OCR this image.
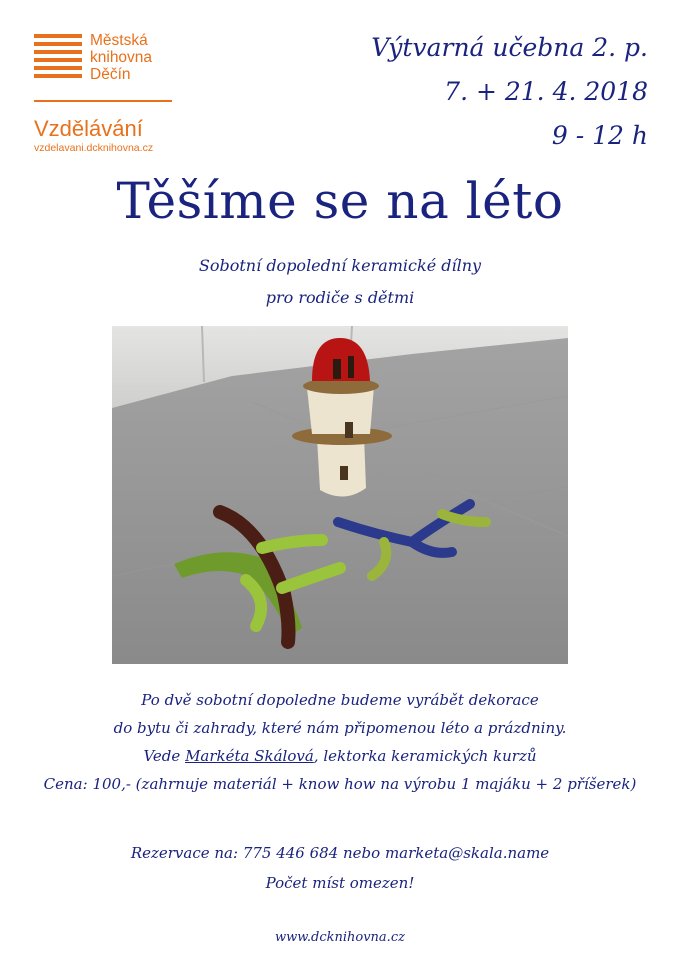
Městská
knihovna
Děčín
Vzdělávání
vzdelavani.dcknihovna.cz
Výtvarná učebna 2. p.
7. + 21. 4. 2018
9 - 12 h
Těšíme se na léto
Sobotní dopolední keramické dílny
pro rodiče s dětmi
Po dvě sobotní dopoledne budeme vyrábět dekorace
do bytu či zahrady, které nám připomenou léto a prázdniny.
Vede Markéta Skálová, lektorka keramických kurzů
Cena: 100,- (zahrnuje materiál + know how na výrobu 1 majáku + 2 příšerek)
Rezervace na: 775 446 684 nebo marketa@skala.name
Počet míst omezen!
www.dcknihovna.cz
